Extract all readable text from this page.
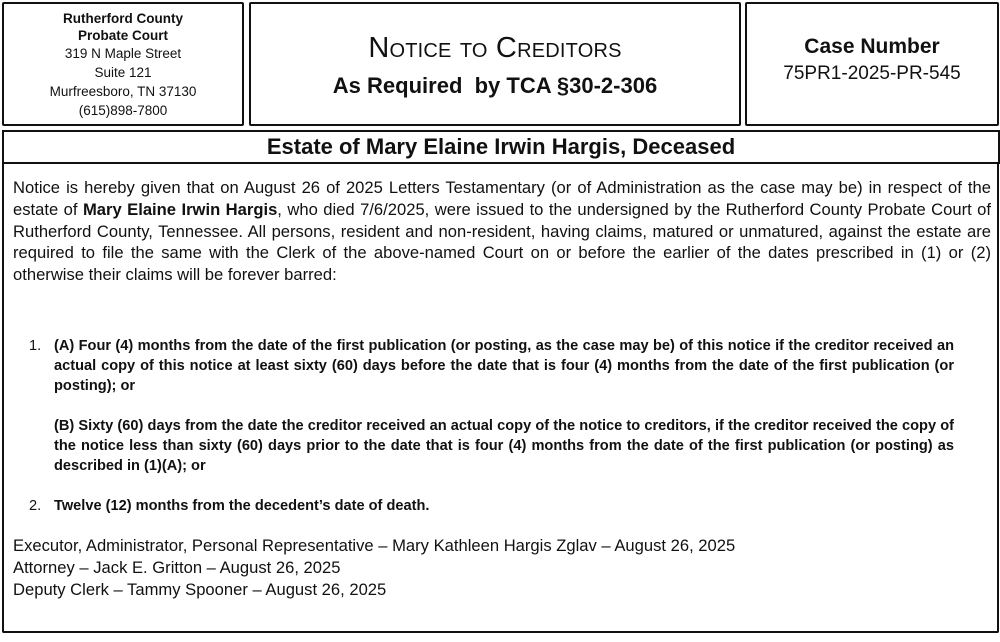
Rutherford County
Probate Court
319 N Maple Street
Suite 121
Murfreesboro, TN 37130
(615)898-7800
Notice to Creditors
As Required  by TCA §30-2-306
Case Number
75PR1-2025-PR-545
Estate of Mary Elaine Irwin Hargis, Deceased

Notice is hereby given that on August 26 of 2025 Letters Testamentary (or of Administration as the case may be) in respect of the estate of Mary Elaine Irwin Hargis, who died 7/6/2025, were issued to the undersigned by the Rutherford County Probate Court of Rutherford County, Tennessee. All persons, resident and non-resident, having claims, matured or unmatured, against the estate are required to file the same with the Clerk of the above-named Court on or before the earlier of the dates prescribed in (1) or (2) otherwise their claims will be forever barred:

1. (A) Four (4) months from the date of the first publication (or posting, as the case may be) of this notice if the creditor received an actual copy of this notice at least sixty (60) days before the date that is four (4) months from the date of the first publication (or posting); or

(B) Sixty (60) days from the date the creditor received an actual copy of the notice to creditors, if the creditor received the copy of the notice less than sixty (60) days prior to the date that is four (4) months from the date of the first publication (or posting) as described in (1)(A); or

2. Twelve (12) months from the decedent’s date of death.

Executor, Administrator, Personal Representative – Mary Kathleen Hargis Zglav – August 26, 2025
Attorney – Jack E. Gritton – August 26, 2025
Deputy Clerk – Tammy Spooner – August 26, 2025
